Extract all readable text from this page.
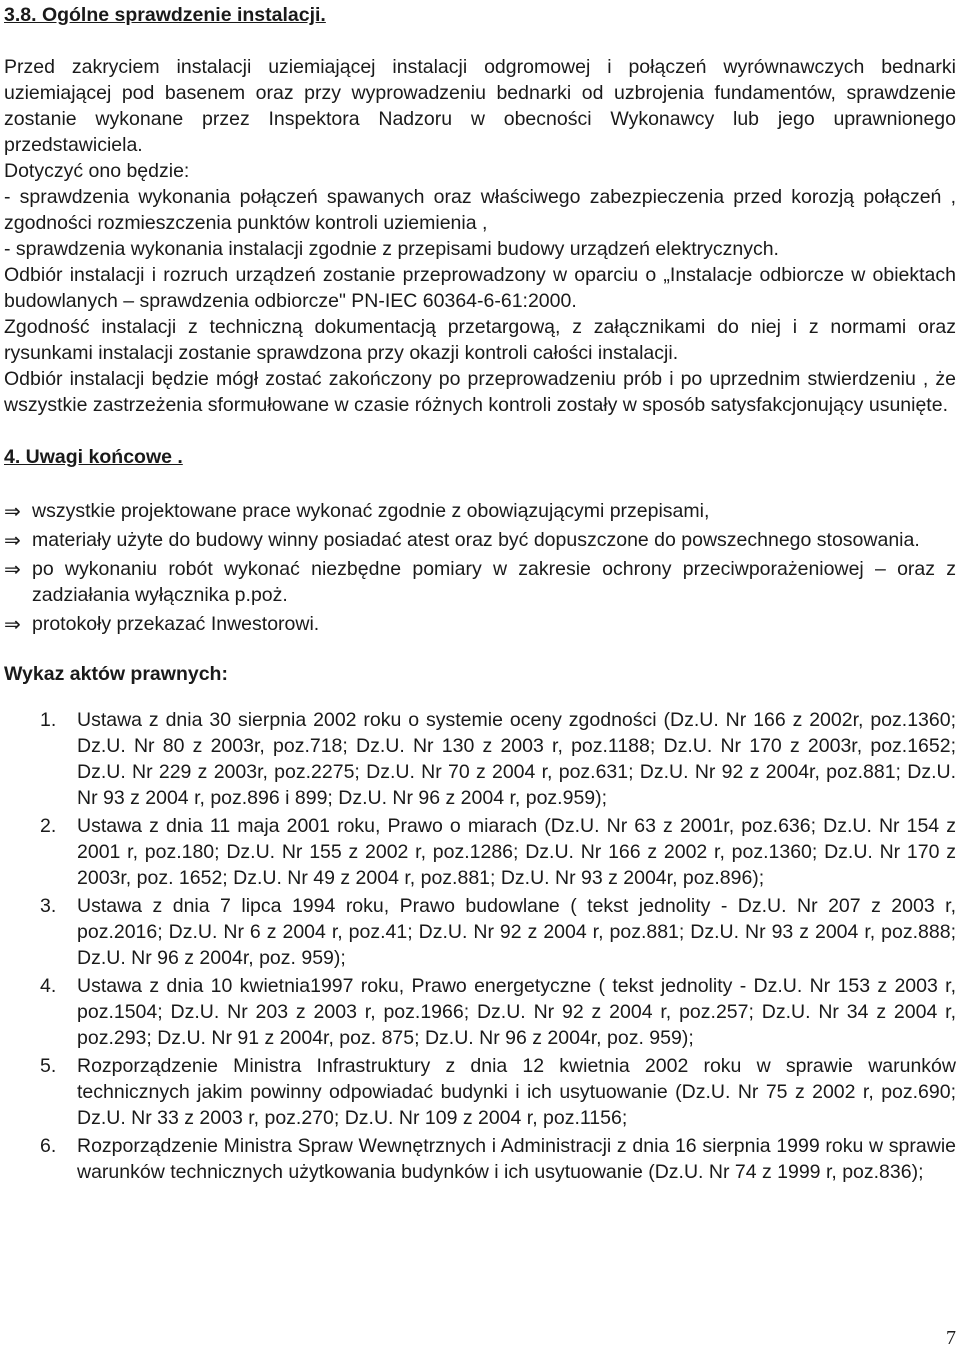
3.8. Ogólne sprawdzenie instalacji.

Przed zakryciem instalacji uziemiającej instalacji odgromowej i połączeń wyrównawczych bednarki uziemiającej pod basenem oraz przy wyprowadzeniu bednarki od uzbrojenia fundamentów, sprawdzenie zostanie wykonane przez Inspektora Nadzoru w obecności Wykonawcy lub jego uprawnionego przedstawiciela.

Dotyczyć ono będzie:

- sprawdzenia wykonania połączeń spawanych oraz właściwego zabezpieczenia przed korozją połączeń , zgodności rozmieszczenia punktów kontroli uziemienia ,

- sprawdzenia wykonania instalacji zgodnie z przepisami budowy urządzeń elektrycznych.

Odbiór instalacji i rozruch urządzeń zostanie przeprowadzony w oparciu o „Instalacje odbiorcze w obiektach budowlanych – sprawdzenia odbiorcze" PN-IEC 60364-6-61:2000.

Zgodność instalacji z techniczną dokumentacją przetargową, z załącznikami do niej i z normami oraz rysunkami instalacji zostanie sprawdzona przy okazji kontroli całości instalacji.

Odbiór instalacji będzie mógł zostać zakończony po przeprowadzeniu prób i po uprzednim stwierdzeniu , że wszystkie zastrzeżenia sformułowane w czasie różnych kontroli zostały w sposób satysfakcjonujący usunięte.

4. Uwagi końcowe .

⇒ wszystkie projektowane prace wykonać zgodnie z obowiązującymi przepisami,
⇒ materiały użyte do budowy winny posiadać atest oraz być dopuszczone do powszechnego stosowania.
⇒ po wykonaniu robót wykonać niezbędne pomiary w zakresie ochrony przeciwporażeniowej – oraz z zadziałania wyłącznika p.poż.
⇒ protokoły przekazać Inwestorowi.

Wykaz aktów prawnych:

1. Ustawa z dnia 30 sierpnia 2002 roku o systemie oceny zgodności (Dz.U. Nr 166 z 2002r, poz.1360; Dz.U. Nr 80 z 2003r, poz.718; Dz.U. Nr 130 z 2003 r, poz.1188; Dz.U. Nr 170 z 2003r, poz.1652; Dz.U. Nr 229 z 2003r, poz.2275; Dz.U. Nr 70 z 2004 r, poz.631; Dz.U. Nr 92 z 2004r, poz.881; Dz.U. Nr 93 z 2004 r, poz.896 i 899; Dz.U. Nr 96 z 2004 r, poz.959);
2. Ustawa z dnia 11 maja 2001 roku, Prawo o miarach (Dz.U. Nr 63 z 2001r, poz.636; Dz.U. Nr 154 z 2001 r, poz.180; Dz.U. Nr 155 z 2002 r, poz.1286; Dz.U. Nr 166 z 2002 r, poz.1360; Dz.U. Nr 170 z 2003r, poz. 1652; Dz.U. Nr 49 z 2004 r, poz.881; Dz.U. Nr 93 z 2004r, poz.896);
3. Ustawa z dnia 7 lipca 1994 roku, Prawo budowlane ( tekst jednolity - Dz.U. Nr 207 z 2003 r, poz.2016; Dz.U. Nr 6 z 2004 r, poz.41; Dz.U. Nr 92 z 2004 r, poz.881; Dz.U. Nr 93 z 2004 r, poz.888; Dz.U. Nr 96 z 2004r, poz. 959);
4. Ustawa z dnia 10 kwietnia1997 roku, Prawo energetyczne ( tekst jednolity - Dz.U. Nr 153 z 2003 r, poz.1504; Dz.U. Nr 203 z 2003 r, poz.1966; Dz.U. Nr 92 z 2004 r, poz.257; Dz.U. Nr 34 z 2004 r, poz.293; Dz.U. Nr 91 z 2004r, poz. 875; Dz.U. Nr 96 z 2004r, poz. 959);
5. Rozporządzenie Ministra Infrastruktury z dnia 12 kwietnia 2002 roku w sprawie warunków technicznych jakim powinny odpowiadać budynki i ich usytuowanie (Dz.U. Nr 75 z 2002 r, poz.690; Dz.U. Nr 33 z 2003 r, poz.270; Dz.U. Nr 109 z 2004 r, poz.1156;
6. Rozporządzenie Ministra Spraw Wewnętrznych i Administracji z dnia 16 sierpnia 1999 roku w sprawie warunków technicznych użytkowania budynków i ich usytuowanie (Dz.U. Nr 74 z 1999 r, poz.836);
7
